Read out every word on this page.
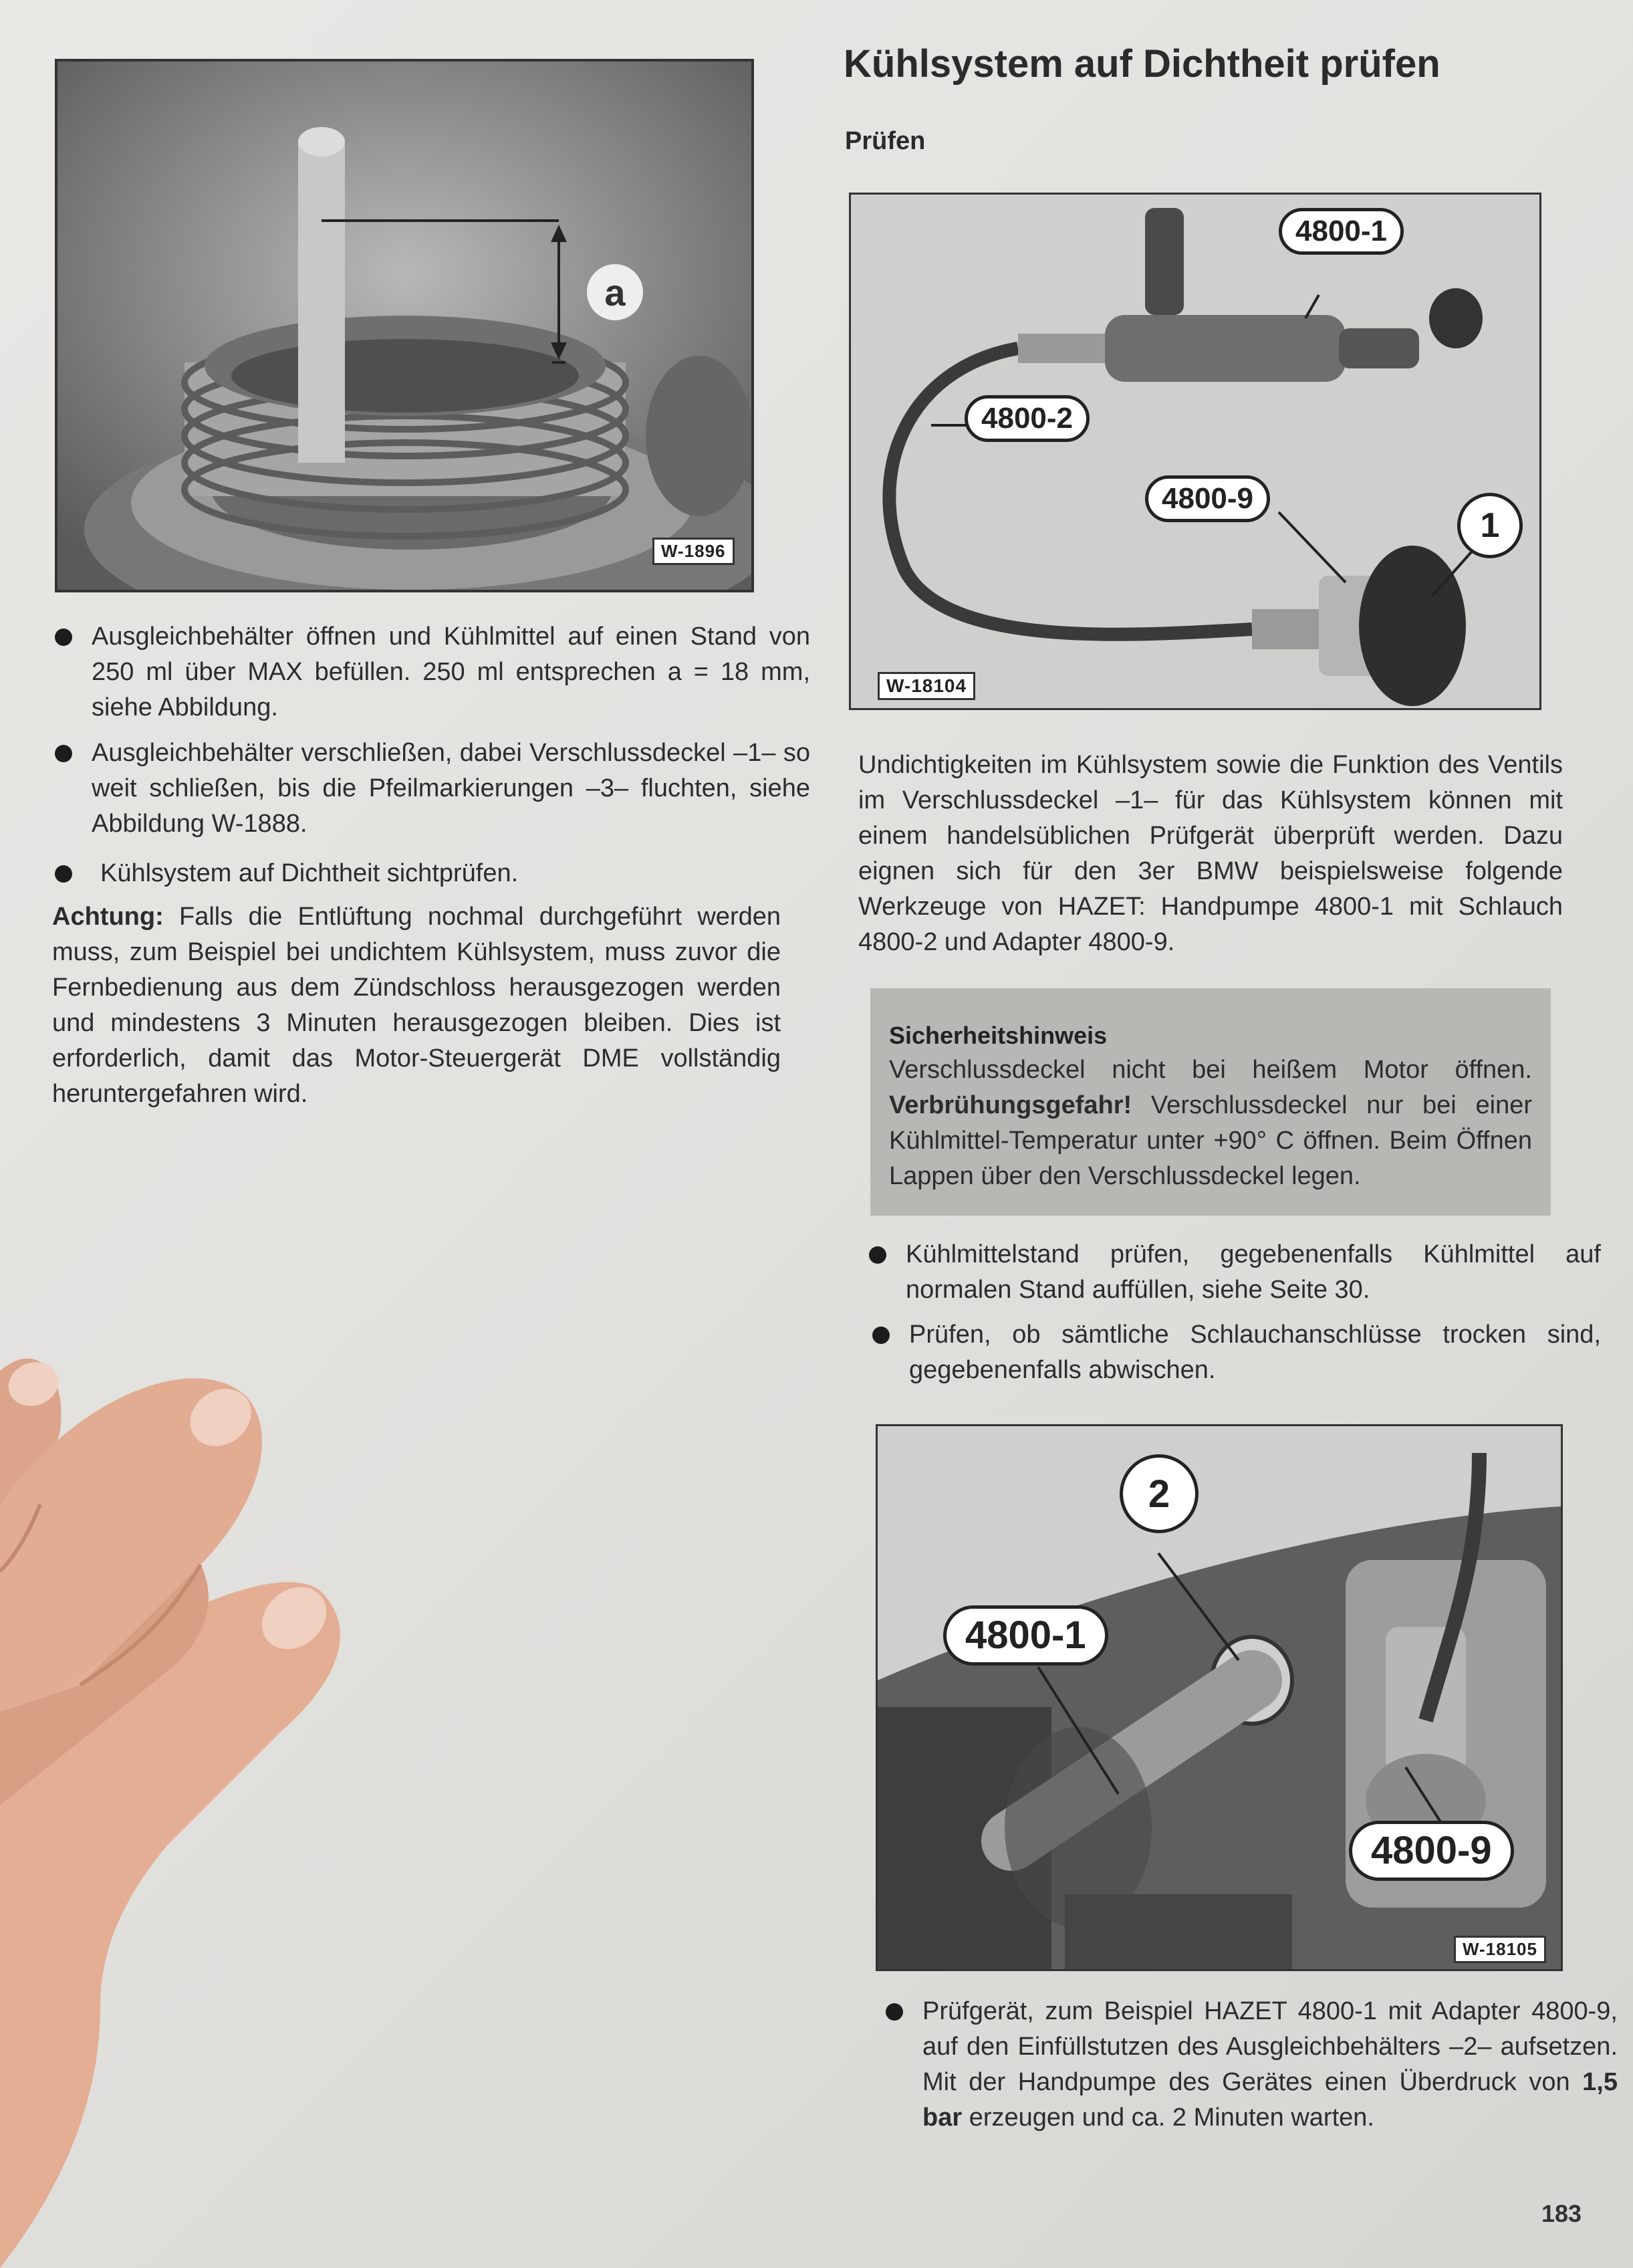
a
W-1896
Ausgleichbehälter öffnen und Kühlmittel auf einen Stand von 250 ml über MAX befüllen. 250 ml entsprechen a = 18 mm, siehe Abbildung.
Ausgleichbehälter verschließen, dabei Verschlussdeckel –1– so weit schließen, bis die Pfeilmarkierungen –3– fluchten, siehe Abbildung W-1888.
Kühlsystem auf Dichtheit sichtprüfen.

Achtung: Falls die Entlüftung nochmal durchgeführt werden muss, zum Beispiel bei undichtem Kühlsystem, muss zuvor die Fernbedienung aus dem Zündschloss herausgezogen werden und mindestens 3 Minuten herausgezogen bleiben. Dies ist erforderlich, damit das Motor-Steuergerät DME vollständig heruntergefahren wird.

Kühlsystem auf Dichtheit prüfen
Prüfen
4800-1
4800-2
4800-9
1
W-18104

Undichtigkeiten im Kühlsystem sowie die Funktion des Ventils im Verschlussdeckel –1– für das Kühlsystem können mit einem handelsüblichen Prüfgerät überprüft werden. Dazu eignen sich für den 3er BMW beispielsweise folgende Werkzeuge von HAZET: Handpumpe 4800-1 mit Schlauch 4800-2 und Adapter 4800-9.

Sicherheitshinweis

Verschlussdeckel nicht bei heißem Motor öffnen. Verbrühungsgefahr! Verschlussdeckel nur bei einer Kühlmittel-Temperatur unter +90° C öffnen. Beim Öffnen Lappen über den Verschlussdeckel legen.

Kühlmittelstand prüfen, gegebenenfalls Kühlmittel auf normalen Stand auffüllen, siehe Seite 30.
Prüfen, ob sämtliche Schlauchanschlüsse trocken sind, gegebenenfalls abwischen.
2
4800-1
4800-9
W-18105
Prüfgerät, zum Beispiel HAZET 4800-1 mit Adapter 4800-9, auf den Einfüllstutzen des Ausgleichbehälters –2– aufsetzen. Mit der Handpumpe des Gerätes einen Überdruck von 1,5 bar erzeugen und ca. 2 Minuten warten.
183
